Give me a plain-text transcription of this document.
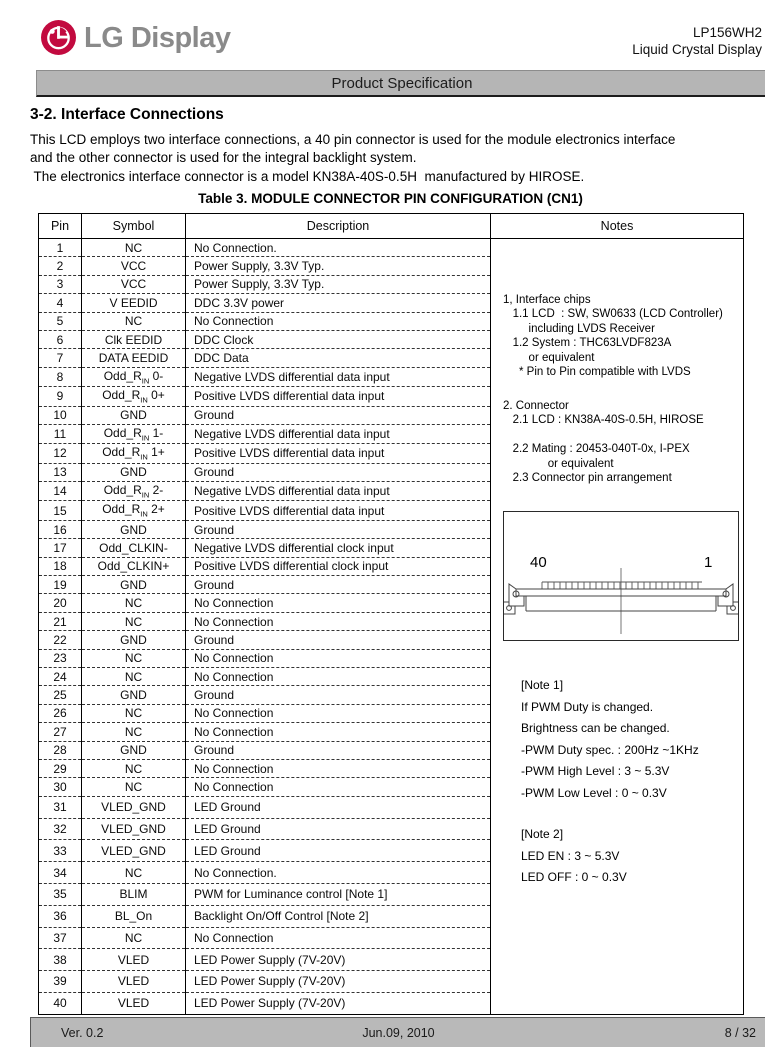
LG Display	LP156WH2
Liquid Crystal Display
Product Specification
3-2. Interface Connections
This LCD employs two interface connections, a 40 pin connector is used for the module electronics interface
and the other connector is used for the integral backlight system.
The electronics interface connector is a model KN38A-40S-0.5H  manufactured by HIROSE.
Table 3. MODULE CONNECTOR PIN CONFIGURATION (CN1)
Pin	Symbol	Description	Notes
1	NC	No Connection.	
1, Interface chips
1.1 LCD  : SW, SW0633 (LCD Controller)
including LVDS Receiver
1.2 System : THC63LVDF823A
or equivalent
* Pin to Pin compatible with LVDS
2. Connector
2.1 LCD : KN38A-40S-0.5H, HIROSE

2.2 Mating : 20453-040T-0x, I-PEX
or equivalent
2.3 Connector pin arrangement
40	1
[Note 1]
If PWM Duty is changed.
Brightness can be changed.
-PWM Duty spec. : 200Hz ~1KHz
-PWM High Level : 3 ~ 5.3V
-PWM Low Level : 0 ~ 0.3V
[Note 2]
LED EN : 3 ~ 5.3V
LED OFF : 0 ~ 0.3V

2	VCC	Power Supply, 3.3V Typ.	
3	VCC	Power Supply, 3.3V Typ.	
4	V EEDID	DDC 3.3V power	
5	NC	No Connection	
6	Clk EEDID	DDC Clock	
7	DATA EEDID	DDC Data	
8	$Odd\_R_{IN}$ 0-	Negative LVDS differential data input	
9	$Odd\_R_{IN}$ 0+	Positive LVDS differential data input	
10	GND	Ground	
11	$Odd\_R_{IN}$ 1-	Negative LVDS differential data input	
12	$Odd\_R_{IN}$ 1+	Positive LVDS differential data input	
13	GND	Ground	
14	$Odd\_R_{IN}$ 2-	Negative LVDS differential data input	
15	$Odd\_R_{IN}$ 2+	Positive LVDS differential data input	
16	GND	Ground	
17	Odd_CLKIN-	Negative LVDS differential clock input	
18	Odd_CLKIN+	Positive LVDS differential clock input	
19	GND	Ground	
20	NC	No Connection	
21	NC	No Connection	
22	GND	Ground	
23	NC	No Connection	
24	NC	No Connection	
25	GND	Ground	
26	NC	No Connection	
27	NC	No Connection	
28	GND	Ground	
29	NC	No Connection	
30	NC	No Connection	
31	VLED_GND	LED Ground	
32	VLED_GND	LED Ground	
33	VLED_GND	LED Ground	
34	NC	No Connection.	
35	BLIM	PWM for Luminance control [Note 1]	
36	BL_On	Backlight On/Off Control [Note 2]	
37	NC	No Connection	
38	VLED	LED Power Supply (7V-20V)	
39	VLED	LED Power Supply (7V-20V)	
40	VLED	LED Power Supply (7V-20V)	
Ver. 0.2	Jun.09, 2010	8 / 32
